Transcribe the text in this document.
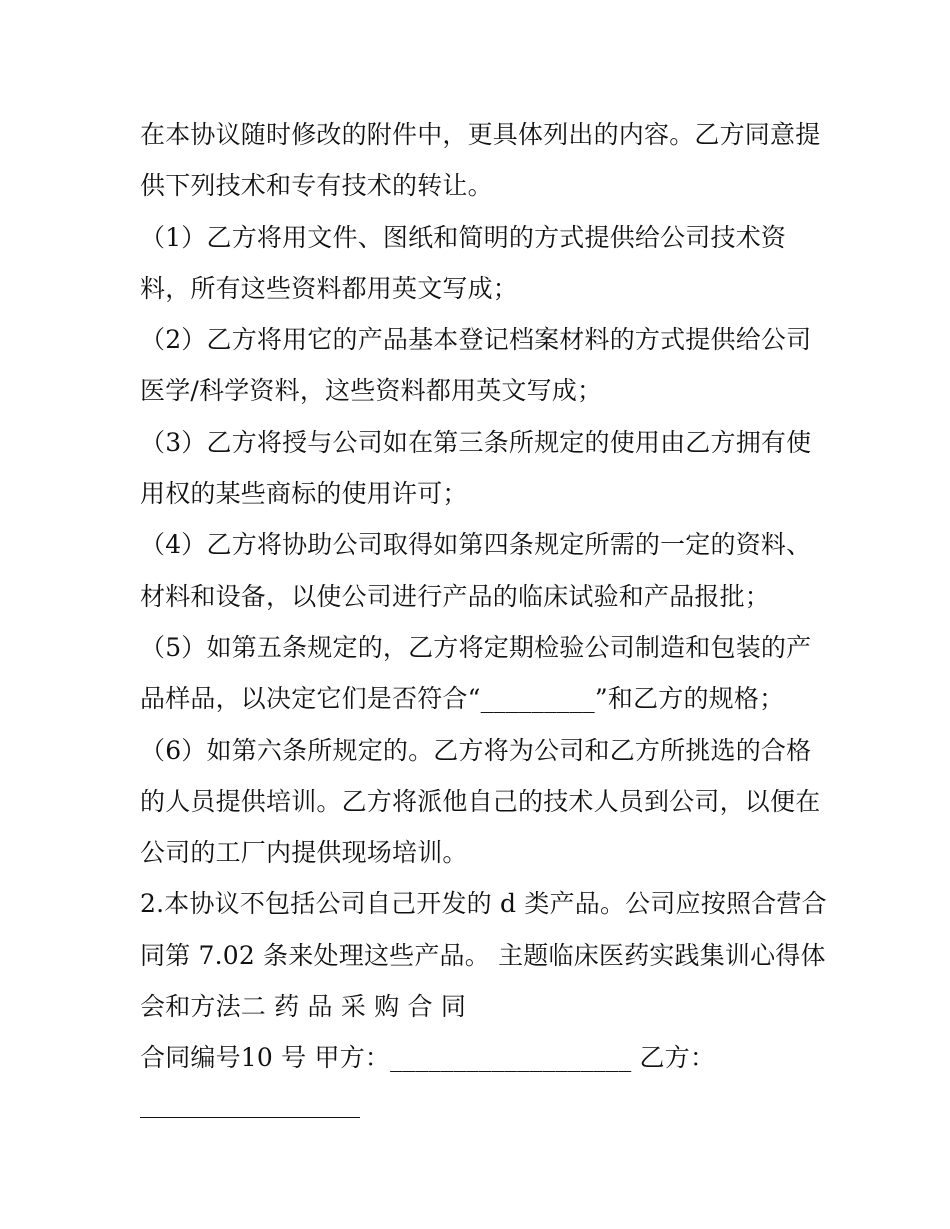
在本协议随时修改的附件中，更具体列出的内容。乙方同意提
供下列技术和专有技术的转让。
（1）乙方将用文件、图纸和简明的方式提供给公司技术资
料，所有这些资料都用英文写成；
（2）乙方将用它的产品基本登记档案材料的方式提供给公司
医学/科学资料，这些资料都用英文写成；
（3）乙方将授与公司如在第三条所规定的使用由乙方拥有使
用权的某些商标的使用许可；
（4）乙方将协助公司取得如第四条规定所需的一定的资料、
材料和设备，以使公司进行产品的临床试验和产品报批；
（5）如第五条规定的，乙方将定期检验公司制造和包装的产
品样品，以决定它们是否符合“_________”和乙方的规格；
（6）如第六条所规定的。乙方将为公司和乙方所挑选的合格
的人员提供培训。乙方将派他自己的技术人员到公司，以便在
公司的工厂内提供现场培训。
2.本协议不包括公司自己开发的 d 类产品。公司应按照合营合
同第 7.02 条来处理这些产品。 主题临床医药实践集训心得体
会和方法二 药 品 采 购 合 同
合同编号10 号 甲方：___________________ 乙方：
